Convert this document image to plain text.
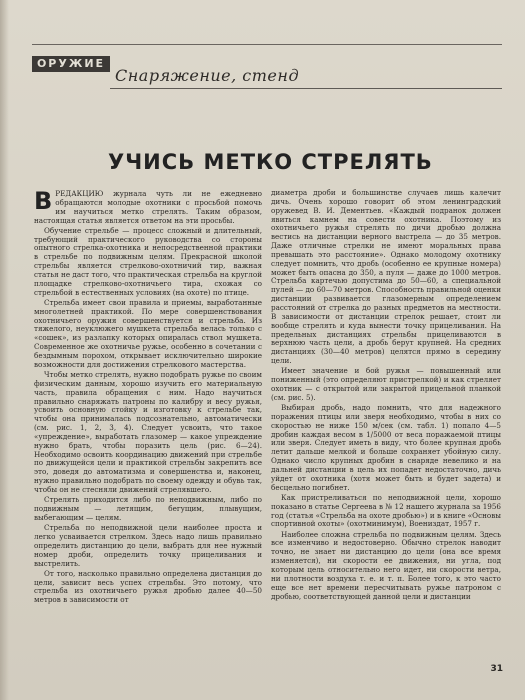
ОРУЖИЕ
Снаряжение, стенд
УЧИСЬ МЕТКО СТРЕЛЯТЬ

ВРЕДАКЦИЮ журнала чуть ли не ежедневно обращаются молодые охотники с просьбой помочь им научиться метко стрелять. Таким образом, настоящая статья является ответом на эти просьбы.

Обучение стрельбе — процесс сложный и длительный, требующий практического руководства со стороны опытного стрелка-охотника и непосредственной практики в стрельбе по подвижным целям. Прекрасной школой стрельбы является стрелково-охотничий тир, важная статья не даст того, что практическая стрельба на круглой площадке стрелково-охотничьего тира, схожая со стрельбой в естественных условиях (на охоте) по птице.

Стрельба имеет свои правила и приемы, выработанные многолетней практикой. По мере совершенствования охотничьего оружия совершенствуется и стрельба. Из тяжелого, неуклюжего мушкета стрельба велась только с «сошек», из разлапку которых опиралась ствол мушкета. Современное же охотничье ружье, особенно в сочетании с бездымным порохом, открывает исключительно широкие возможности для достижения стрелкового мастерства.

Чтобы метко стрелять, нужно подобрать ружье по своим физическим данным, хорошо изучить его материальную часть, правила обращения с ним. Надо научиться правильно снаряжать патроны по калибру и весу ружья, усвоить основную стойку и изготовку к стрельбе так, чтобы она принималась подсознательно, автоматически (см. рис. 1, 2, 3, 4). Следует усвоить, что такое «упреждение», выработать глазомер — какое упреждение нужно брать, чтобы поразить цель (рис. 6—24). Необходимо освоить координацию движений при стрельбе по движущейся цели и практикой стрельбы закрепить все это, доведя до автоматизма и совершенства и, наконец, нужно правильно подобрать по своему одежду и обувь так, чтобы он не стесняли движений стрелявшего.

Стрелять приходится либо по неподвижным, либо по подвижным — летящим, бегущим, плывущим, выбегающим — целям.

Стрельба по неподвижной цели наиболее проста и легко усваивается стрелком. Здесь надо лишь правильно определить дистанцию до цели, выбрать для нее нужный номер дроби, определить точку прицеливания и выстрелить.

От того, насколько правильно определена дистанция до цели, зависит весь успех стрельбы. Это потому, что стрельба из охотничьего ружья дробью далее 40—50 метров в зависимости от

диаметра дроби и большинстве случаев лишь калечит дичь. Очень хорошо говорит об этом ленинградский оружевед В. И. Дементьев. «Каждый подранок должен явиться камнем на совести охотника. Поэтому из охотничьего ружья стрелять по дичи дробью должна вестись на дистанции верного выстрела — до 35 метров. Даже отличные стрелки не имеют моральных права превышать это расстояние». Однако молодому охотнику следует помнить, что дробь (особенно ее крупные номера) может быть опасна до 350, а пуля — даже до 1000 метров. Стрельба картечью допустима до 50—60, а специальной пулей — до 60—70 метров. Способность правильной оценки дистанции развивается глазомерным определением расстояний от стрелка до разных предметов на местности. В зависимости от дистанции стрелок решает, стоит ли вообще стрелять и куда вынести точку прицеливания. На предельных дистанциях стрельбы прицеливаются в верхнюю часть цели, а дробь берут крупней. На средних дистанциях (30—40 метров) целятся прямо в середину цели.

Имеет значение и бой ружья — повышенный или пониженный (это определяют пристрелкой) и как стреляет охотник — с открытой или закрытой прицельной планкой (см. рис. 5).

Выбирая дробь, надо помнить, что для надежного поражения птицы или зверя необходимо, чтобы в них со скоростью не ниже 150 м/сек (см. табл. 1) попало 4—5 дробин каждая весом в 1/5000 от веса поражаемой птицы или зверя. Следует иметь в виду, что более крупная дробь летит дальше мелкой и больше сохраняет убойную силу. Однако число крупных дробин в снаряде невелико и на дальней дистанции в цель их попадет недостаточно, дичь уйдет от охотника (хотя может быть и будет задета) и бесцельно погибнет.

Как пристреливаться по неподвижной цели, хорошо показано в статье Сергеева в № 12 нашего журнала за 1956 год (статья «Стрельба на охоте дробью») и в книге «Основы спортивной охоты» (охотминимум), Воениздат, 1957 г.

Наиболее сложна стрельба по подвижным целям. Здесь все изменчиво и недостоверно. Обычно стрелок наводит точно, не знает ни дистанцию до цели (она все время изменяется), ни скорости ее движения, ни угла, под которым цель относительно него идет, ни скорости ветра, ни плотности воздуха т. е. и т. п. Более того, к это часто еще все нет времени пересчитывать ружье патроном с дробью, соответствующей данной цели и дистанции

31
